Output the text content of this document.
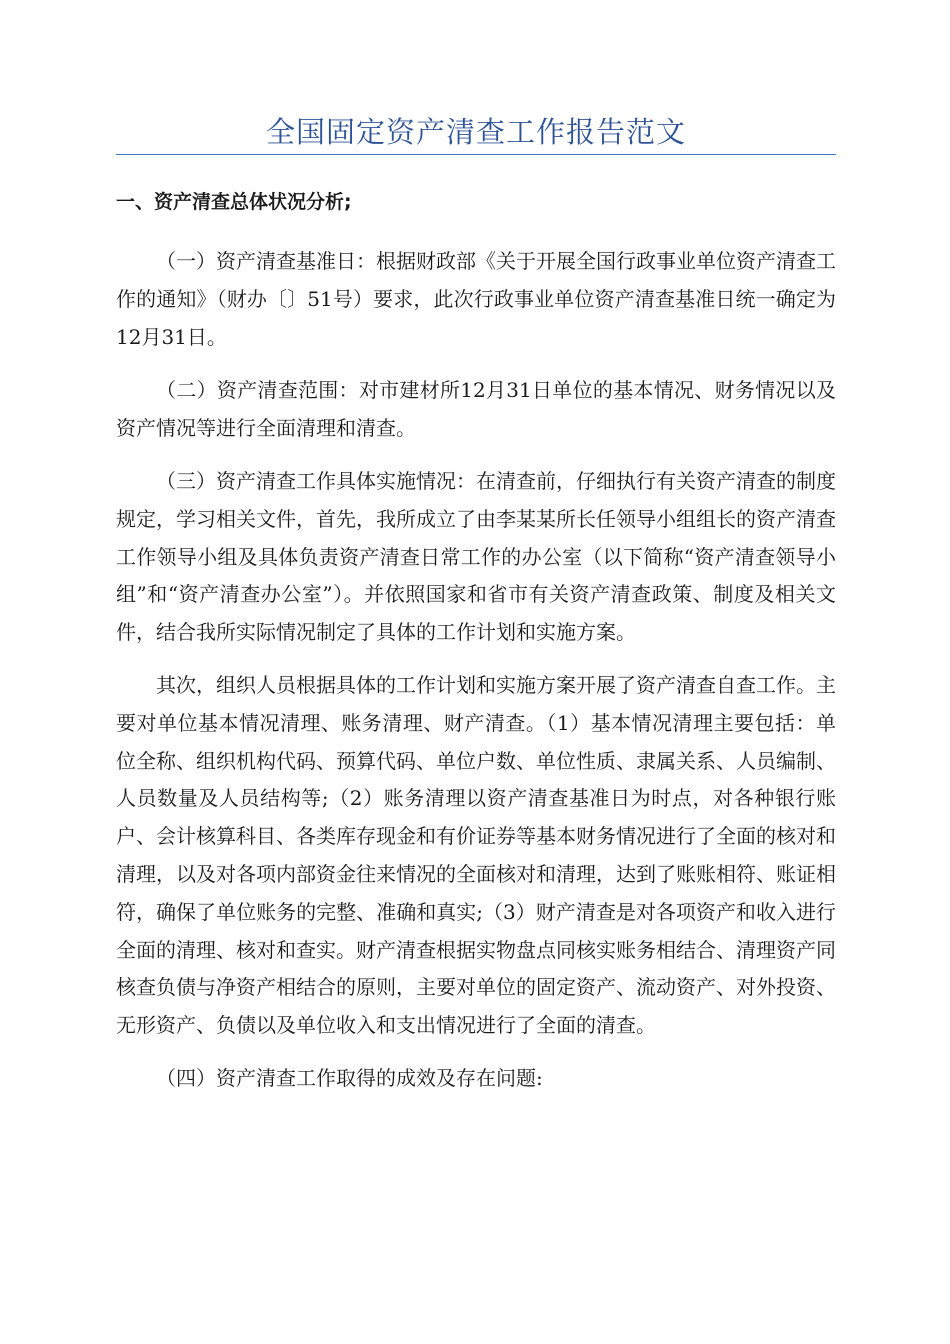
全国固定资产清查工作报告范文
一、资产清查总体状况分析;

（一）资产清查基准日：根据财政部《关于开展全国行政事业单位资产清查工作的通知》（财办〔〕51号）要求，此次行政事业单位资产清查基准日统一确定为12月31日。

（二）资产清查范围：对市建材所12月31日单位的基本情况、财务情况以及资产情况等进行全面清理和清查。

（三）资产清查工作具体实施情况：在清查前，仔细执行有关资产清查的制度规定，学习相关文件，首先，我所成立了由李某某所长任领导小组组长的资产清查工作领导小组及具体负责资产清查日常工作的办公室（以下简称“资产清查领导小组”和“资产清查办公室”）。并依照国家和省市有关资产清查政策、制度及相关文件，结合我所实际情况制定了具体的工作计划和实施方案。

其次，组织人员根据具体的工作计划和实施方案开展了资产清查自查工作。主要对单位基本情况清理、账务清理、财产清查。（1）基本情况清理主要包括：单位全称、组织机构代码、预算代码、单位户数、单位性质、隶属关系、人员编制、人员数量及人员结构等;（2）账务清理以资产清查基准日为时点，对各种银行账户、会计核算科目、各类库存现金和有价证券等基本财务情况进行了全面的核对和清理，以及对各项内部资金往来情况的全面核对和清理，达到了账账相符、账证相符，确保了单位账务的完整、准确和真实;（3）财产清查是对各项资产和收入进行全面的清理、核对和查实。财产清查根据实物盘点同核实账务相结合、清理资产同核查负债与净资产相结合的原则，主要对单位的固定资产、流动资产、对外投资、无形资产、负债以及单位收入和支出情况进行了全面的清查。

（四）资产清查工作取得的成效及存在问题:
